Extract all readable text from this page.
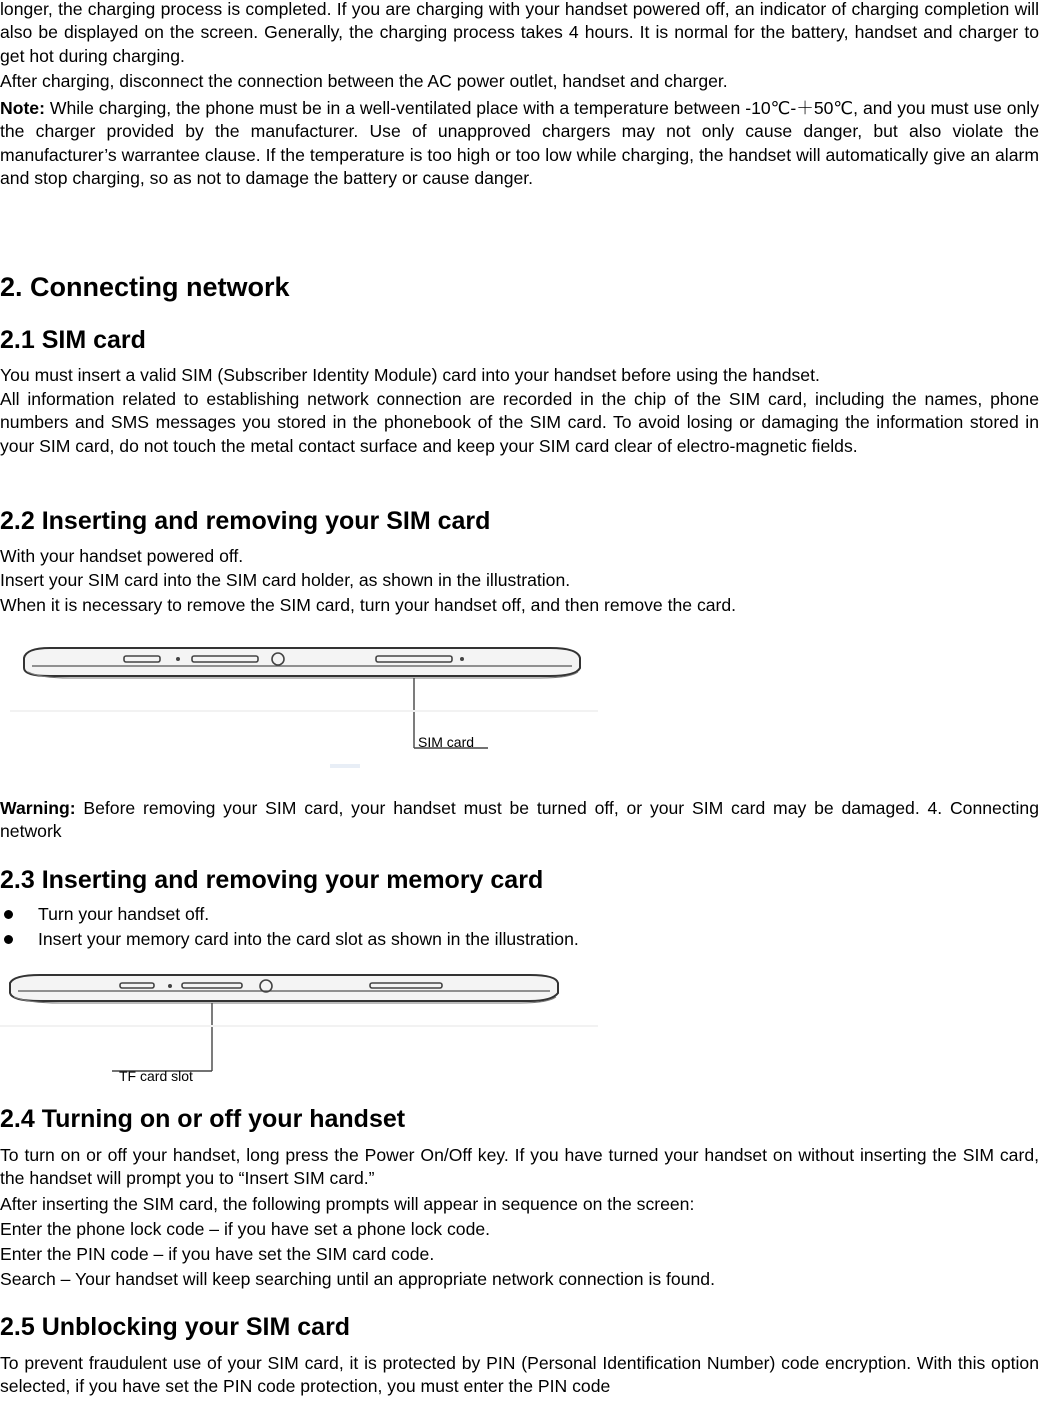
longer, the charging process is completed. If you are charging with your handset powered off, an indicator of charging completion will also be displayed on the screen. Generally, the charging process takes 4 hours. It is normal for the battery, handset and charger to get hot during charging.

After charging, disconnect the connection between the AC power outlet, handset and charger.

Note: While charging, the phone must be in a well-ventilated place with a temperature between -10℃-＋50℃, and you must use only the charger provided by the manufacturer. Use of unapproved chargers may not only cause danger, but also violate the manufacturer’s warrantee clause. If the temperature is too high or too low while charging, the handset will automatically give an alarm and stop charging, so as not to damage the battery or cause danger.

2. Connecting network
2.1 SIM card

You must insert a valid SIM (Subscriber Identity Module) card into your handset before using the handset.

All information related to establishing network connection are recorded in the chip of the SIM card, including the names, phone numbers and SMS messages you stored in the phonebook of the SIM card. To avoid losing or damaging the information stored in your SIM card, do not touch the metal contact surface and keep your SIM card clear of electro-magnetic fields.

2.2 Inserting and removing your SIM card

With your handset powered off.

Insert your SIM card into the SIM card holder, as shown in the illustration.

When it is necessary to remove the SIM card, turn your handset off, and then remove the card.

SIM card

Warning: Before removing your SIM card, your handset must be turned off, or your SIM card may be damaged. 4. Connecting network

2.3 Inserting and removing your memory card
Turn your handset off.
Insert your memory card into the card slot as shown in the illustration.
TF card slot
2.4 Turning on or off your handset

To turn on or off your handset, long press the Power On/Off key. If you have turned your handset on without inserting the SIM card, the handset will prompt you to “Insert SIM card.”

After inserting the SIM card, the following prompts will appear in sequence on the screen:

Enter the phone lock code – if you have set a phone lock code.

Enter the PIN code – if you have set the SIM card code.

Search – Your handset will keep searching until an appropriate network connection is found.

2.5 Unblocking your SIM card

To prevent fraudulent use of your SIM card, it is protected by PIN (Personal Identification Number) code encryption. With this option selected, if you have set the PIN code protection, you must enter the PIN code
